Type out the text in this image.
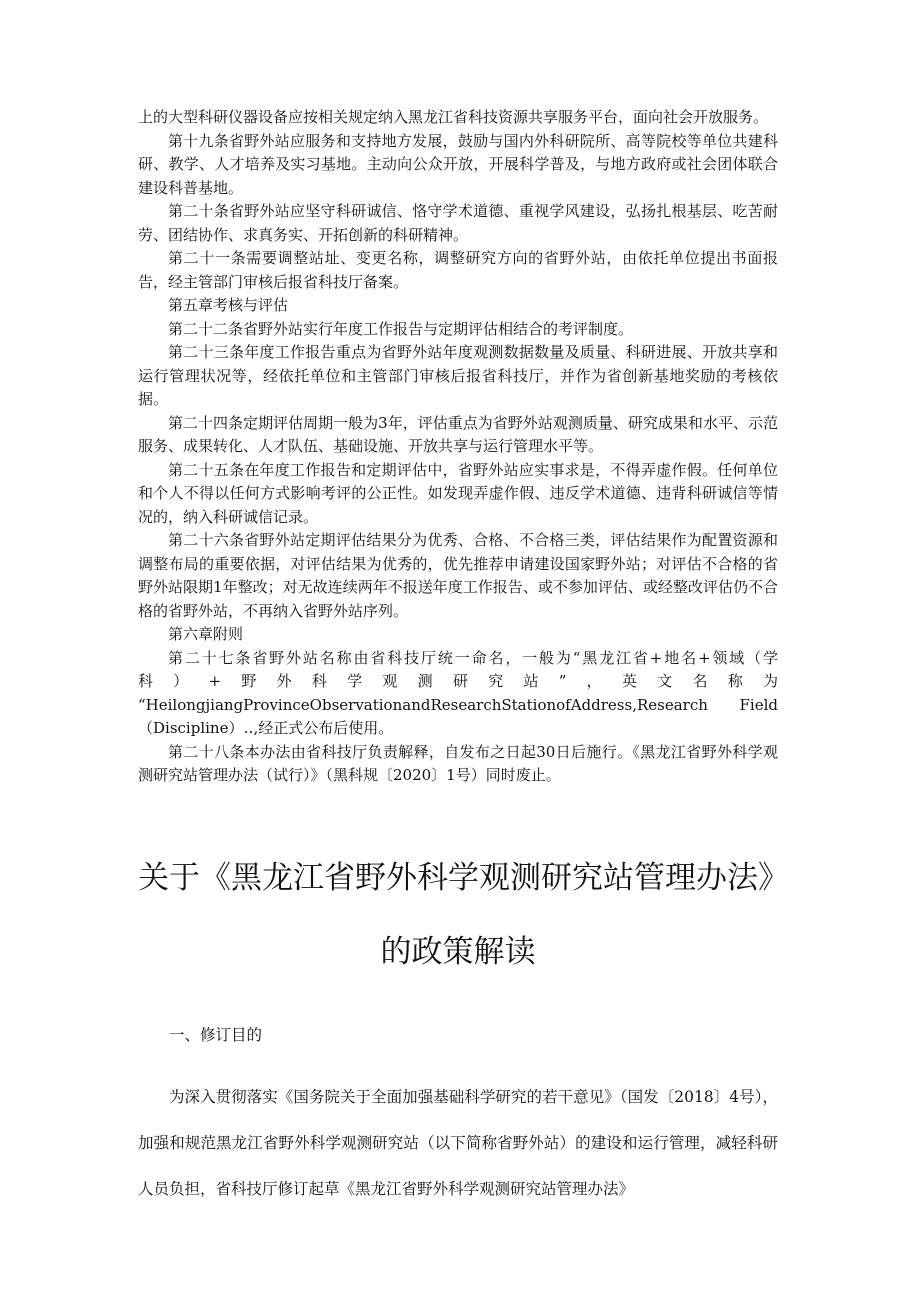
上的大型科研仪器设备应按相关规定纳入黑龙江省科技资源共享服务平台，面向社会开放服务。

第十九条省野外站应服务和支持地方发展，鼓励与国内外科研院所、高等院校等单位共建科研、教学、人才培养及实习基地。主动向公众开放，开展科学普及，与地方政府或社会团体联合建设科普基地。

第二十条省野外站应坚守科研诚信、恪守学术道德、重视学风建设，弘扬扎根基层、吃苦耐劳、团结协作、求真务实、开拓创新的科研精神。

第二十一条需要调整站址、变更名称，调整研究方向的省野外站，由依托单位提出书面报告，经主管部门审核后报省科技厅备案。

第五章考核与评估

第二十二条省野外站实行年度工作报告与定期评估相结合的考评制度。

第二十三条年度工作报告重点为省野外站年度观测数据数量及质量、科研进展、开放共享和运行管理状况等，经依托单位和主管部门审核后报省科技厅，并作为省创新基地奖励的考核依据。

第二十四条定期评估周期一般为3年，评估重点为省野外站观测质量、研究成果和水平、示范服务、成果转化、人才队伍、基础设施、开放共享与运行管理水平等。

第二十五条在年度工作报告和定期评估中，省野外站应实事求是，不得弄虚作假。任何单位和个人不得以任何方式影响考评的公正性。如发现弄虚作假、违反学术道德、违背科研诚信等情况的，纳入科研诚信记录。

第二十六条省野外站定期评估结果分为优秀、合格、不合格三类，评估结果作为配置资源和调整布局的重要依据，对评估结果为优秀的，优先推荐申请建设国家野外站；对评估不合格的省野外站限期1年整改；对无故连续两年不报送年度工作报告、或不参加评估、或经整改评估仍不合格的省野外站，不再纳入省野外站序列。

第六章附则

第二十七条省野外站名称由省科技厅统一命名，一般为“黑龙江省+地名+领域（学

科）+野外科学观测研究站”，英文名称为

“HeilongjiangProvinceObservationandResearchStationofAddress,Research Field（Discipline）‥,经正式公布后使用。

第二十八条本办法由省科技厅负责解释，自发布之日起30日后施行。《黑龙江省野外科学观测研究站管理办法（试行）》（黑科规〔2020〕1号）同时废止。

关于《黑龙江省野外科学观测研究站管理办法》
的政策解读

一、修订目的

为深入贯彻落实《国务院关于全面加强基础科学研究的若干意见》（国发〔2018〕4号），加强和规范黑龙江省野外科学观测研究站（以下简称省野外站）的建设和运行管理，减轻科研人员负担，省科技厅修订起草《黑龙江省野外科学观测研究站管理办法》
